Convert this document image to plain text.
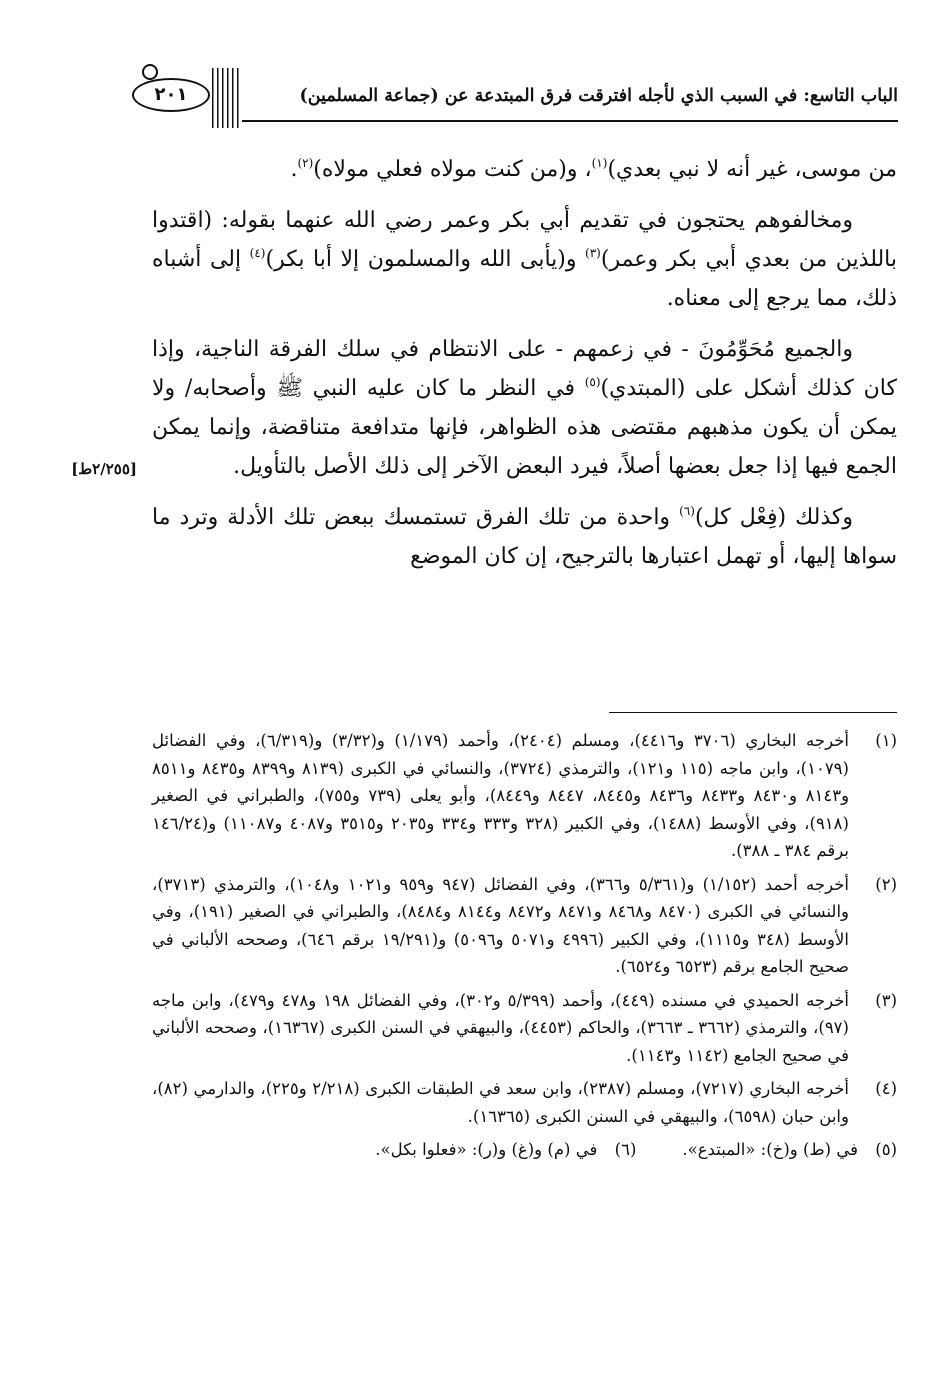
الباب التاسع: في السبب الذي لأجله افترقت فرق المبتدعة عن (جماعة المسلمين)
٢٠١
[٢/٢٥٥ط]

من موسى، غير أنه لا نبي بعدي)$^{(١)}$، و(من كنت مولاه فعلي مولاه)$^{(٢)}$.

ومخالفوهم يحتجون في تقديم أبي بكر وعمر رضي الله عنهما بقوله: (اقتدوا باللذين من بعدي أبي بكر وعمر)$^{(٣)}$ و(يأبى الله والمسلمون إلا أبا بكر)$^{(٤)}$ إلى أشباه ذلك، مما يرجع إلى معناه.

والجميع مُحَوِّمُونَ - في زعمهم - على الانتظام في سلك الفرقة الناجية، وإذا كان كذلك أشكل على (المبتدي)$^{(٥)}$ في النظر ما كان عليه النبي ﷺ وأصحابه/ ولا يمكن أن يكون مذهبهم مقتضى هذه الظواهر، فإنها متدافعة متناقضة، وإنما يمكن الجمع فيها إذا جعل بعضها أصلاً، فيرد البعض الآخر إلى ذلك الأصل بالتأويل.

وكذلك (فِعْل كل)$^{(٦)}$ واحدة من تلك الفرق تستمسك ببعض تلك الأدلة وترد ما سواها إليها، أو تهمل اعتبارها بالترجيح، إن كان الموضع

(١)
أخرجه البخاري (٣٧٠٦ و٤٤١٦)، ومسلم (٢٤٠٤)، وأحمد (١/١٧٩) و(٣/٣٢) و(٦/٣١٩)، وفي الفضائل (١٠٧٩)، وابن ماجه (١١٥ و١٢١)، والترمذي (٣٧٢٤)، والنسائي في الكبرى (٨١٣٩ و٨٣٩٩ و٨٤٣٥ و٨٥١١ و٨١٤٣ و٨٤٣٠ و٨٤٣٣ و٨٤٣٦ و٨٤٤٥، ٨٤٤٧ و٨٤٤٩)، وأبو يعلى (٧٣٩ و٧٥٥)، والطبراني في الصغير (٩١٨)، وفي الأوسط (١٤٨٨)، وفي الكبير (٣٢٨ و٣٣٣ و٣٣٤ و٢٠٣٥ و٣٥١٥ و٤٠٨٧ و١١٠٨٧) و(١٤٦/٢٤ برقم ٣٨٤ ـ ٣٨٨).
(٢)
أخرجه أحمد (١/١٥٢) و(٥/٣٦١ و٣٦٦)، وفي الفضائل (٩٤٧ و٩٥٩ و١٠٢١ و١٠٤٨)، والترمذي (٣٧١٣)، والنسائي في الكبرى (٨٤٧٠ و٨٤٦٨ و٨٤٧١ و٨٤٧٢ و٨١٤٤ و٨٤٨٤)، والطبراني في الصغير (١٩١)، وفي الأوسط (٣٤٨ و١١١٥)، وفي الكبير (٤٩٩٦ و٥٠٧١ و٥٠٩٦) و(١٩/٢٩١ برقم ٦٤٦)، وصححه الألباني في صحيح الجامع برقم (٦٥٢٣ و٦٥٢٤).
(٣)
أخرجه الحميدي في مسنده (٤٤٩)، وأحمد (٥/٣٩٩ و٣٠٢)، وفي الفضائل ١٩٨ و٤٧٨ و٤٧٩)، وابن ماجه (٩٧)، والترمذي (٣٦٦٢ ـ ٣٦٦٣)، والحاكم (٤٤٥٣)، والبيهقي في السنن الكبرى (١٦٣٦٧)، وصححه الألباني في صحيح الجامع (١١٤٢ و١١٤٣).
(٤)
أخرجه البخاري (٧٢١٧)، ومسلم (٢٣٨٧)، وابن سعد في الطبقات الكبرى (٢/٢١٨ و٢٢٥)، والدارمي (٨٢)، وابن حبان (٦٥٩٨)، والبيهقي في السنن الكبرى (١٦٣٦٥).
(٥) في (ط) و(خ): «المبتدع».
(٦) في (م) و(غ) و(ر): «فعلوا بكل».
